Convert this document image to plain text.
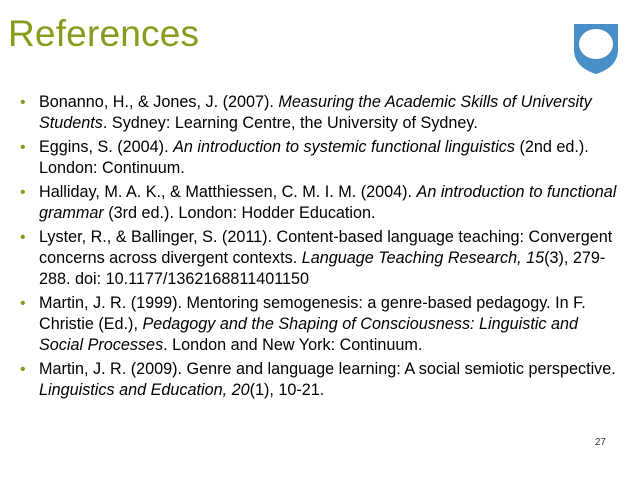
References
• Bonanno, H., & Jones, J. (2007). Measuring the Academic Skills of University Students. Sydney: Learning Centre, the University of Sydney.
• Eggins, S. (2004). An introduction to systemic functional linguistics (2nd ed.). London: Continuum.
• Halliday, M. A. K., & Matthiessen, C. M. I. M. (2004). An introduction to functional grammar (3rd ed.). London: Hodder Education.
• Lyster, R., & Ballinger, S. (2011). Content-based language teaching: Convergent concerns across divergent contexts. Language Teaching Research, 15(3), 279-288. doi: 10.1177/1362168811401150
• Martin, J. R. (1999). Mentoring semogenesis: a genre-based pedagogy. In F. Christie (Ed.), Pedagogy and the Shaping of Consciousness: Linguistic and Social Processes. London and New York: Continuum.
• Martin, J. R. (2009). Genre and language learning: A social semiotic perspective. Linguistics and Education, 20(1), 10-21.
27
